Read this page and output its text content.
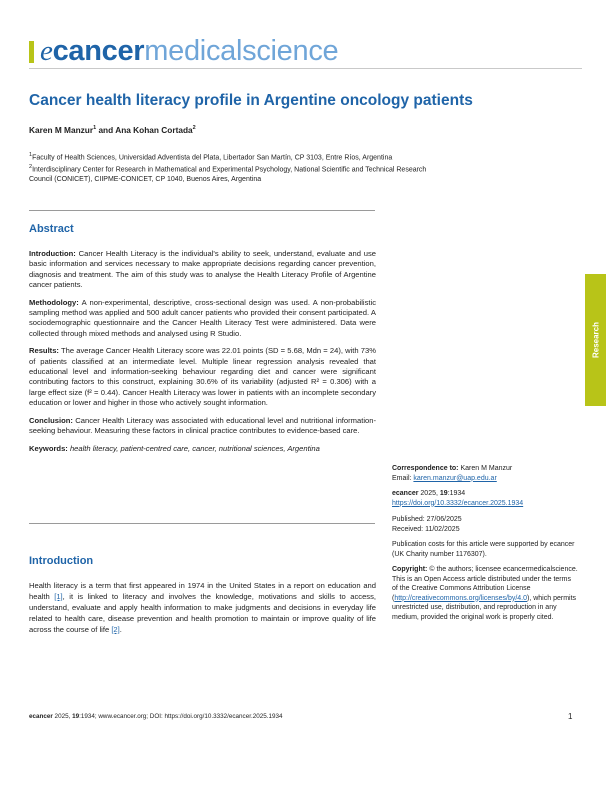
ecancermedicalscience
Cancer health literacy profile in Argentine oncology patients
Karen M Manzur$^1$ and Ana Kohan Cortada$^2$

$^1$Faculty of Health Sciences, Universidad Adventista del Plata, Libertador San Martín, CP 3103, Entre Ríos, Argentina

$^2$Interdisciplinary Center for Research in Mathematical and Experimental Psychology, National Scientific and Technical Research Council (CONICET), CIIPME-CONICET, CP 1040, Buenos Aires, Argentina

Abstract

Introduction: Cancer Health Literacy is the individual's ability to seek, understand, evaluate and use basic information and services necessary to make appropriate decisions regarding cancer prevention, diagnosis and treatment. The aim of this study was to analyse the Health Literacy Profile of Argentine cancer patients.

Methodology: A non-experimental, descriptive, cross-sectional design was used. A non-probabilistic sampling method was applied and 500 adult cancer patients who provided their consent participated. A sociodemographic questionnaire and the Cancer Health Literacy Test were administered. Data were collected through mixed methods and analysed using R Studio.

Results: The average Cancer Health Literacy score was 22.01 points (SD = 5.68, Mdn = 24), with 73% of patients classified at an intermediate level. Multiple linear regression analysis revealed that educational level and information-seeking behaviour regarding diet and cancer were significant contributing factors to this construct, explaining 30.6% of its variability (adjusted R² = 0.306) with a large effect size (f² = 0.44). Cancer Health Literacy was lower in patients with an incomplete secondary education or lower and higher in those who actively sought information.

Conclusion: Cancer Health Literacy was associated with educational level and nutritional information-seeking behaviour. Measuring these factors in clinical practice contributes to evidence-based care.

Keywords: health literacy, patient-centred care, cancer, nutritional sciences, Argentina

Introduction

Health literacy is a term that first appeared in 1974 in the United States in a report on education and health [1], it is linked to literacy and involves the knowledge, motivations and skills to access, understand, evaluate and apply health information to make judgments and decisions in everyday life related to health care, disease prevention and health promotion to maintain or improve quality of life across the course of life [2].

Research

Correspondence to: Karen M Manzur

Email: karen.manzur@uap.edu.ar

ecancer 2025, 19:1934

https://doi.org/10.3332/ecancer.2025.1934

Published: 27/06/2025

Received: 11/02/2025

Publication costs for this article were supported by ecancer (UK Charity number 1176307).

Copyright: © the authors; licensee ecancermedicalscience. This is an Open Access article distributed under the terms of the Creative Commons Attribution License (http://creativecommons.org/licenses/by/4.0), which permits unrestricted use, distribution, and reproduction in any medium, provided the original work is properly cited.

ecancer 2025, 19:1934; www.ecancer.org; DOI: https://doi.org/10.3332/ecancer.2025.1934	1
